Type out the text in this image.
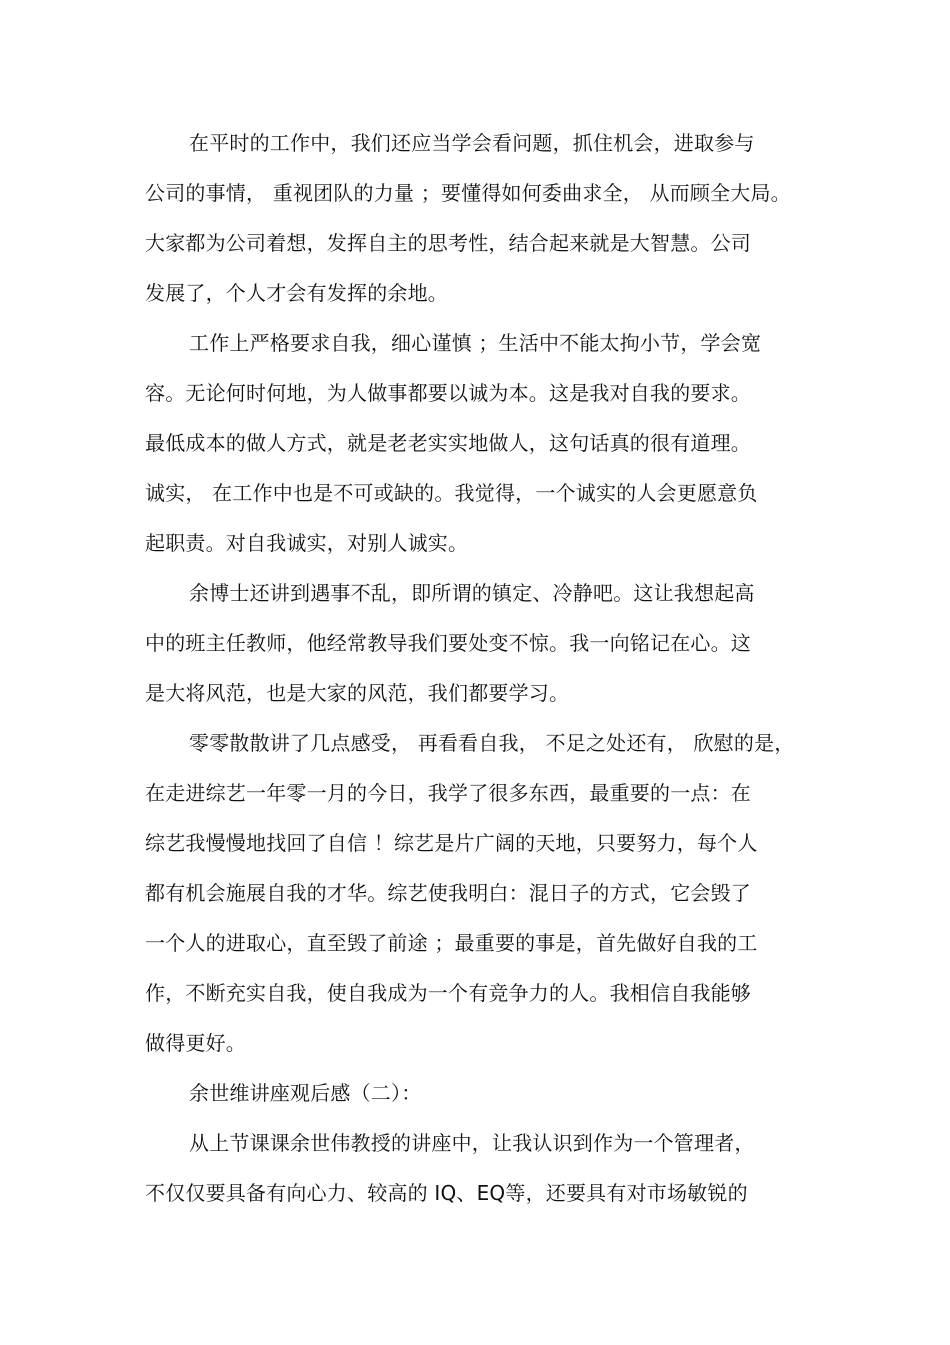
在平时的工作中，我们还应当学会看问题，抓住机会，进取参与
公司的事情， 重视团队的力量 ；要懂得如何委曲求全， 从而顾全大局。
大家都为公司着想，发挥自主的思考性，结合起来就是大智慧。公司
发展了，个人才会有发挥的余地。
工作上严格要求自我，细心谨慎 ；生活中不能太拘小节，学会宽
容。无论何时何地，为人做事都要以诚为本。这是我对自我的要求。
最低成本的做人方式，就是老老实实地做人，这句话真的很有道理。
诚实， 在工作中也是不可或缺的。我觉得，一个诚实的人会更愿意负
起职责。对自我诚实，对别人诚实。
余博士还讲到遇事不乱，即所谓的镇定、冷静吧。这让我想起高
中的班主任教师，他经常教导我们要处变不惊。我一向铭记在心。这
是大将风范，也是大家的风范，我们都要学习。
零零散散讲了几点感受， 再看看自我， 不足之处还有， 欣慰的是，
在走进综艺一年零一月的今日，我学了很多东西，最重要的一点：在
综艺我慢慢地找回了自信 ！综艺是片广阔的天地，只要努力，每个人
都有机会施展自我的才华。综艺使我明白：混日子的方式，它会毁了
一个人的进取心，直至毁了前途 ；最重要的事是，首先做好自我的工
作，不断充实自我，使自我成为一个有竞争力的人。我相信自我能够
做得更好。
余世维讲座观后感（二）：
从上节课课余世伟教授的讲座中，让我认识到作为一个管理者，
不仅仅要具备有向心力、较高的 IQ、EQ等，还要具有对市场敏锐的
